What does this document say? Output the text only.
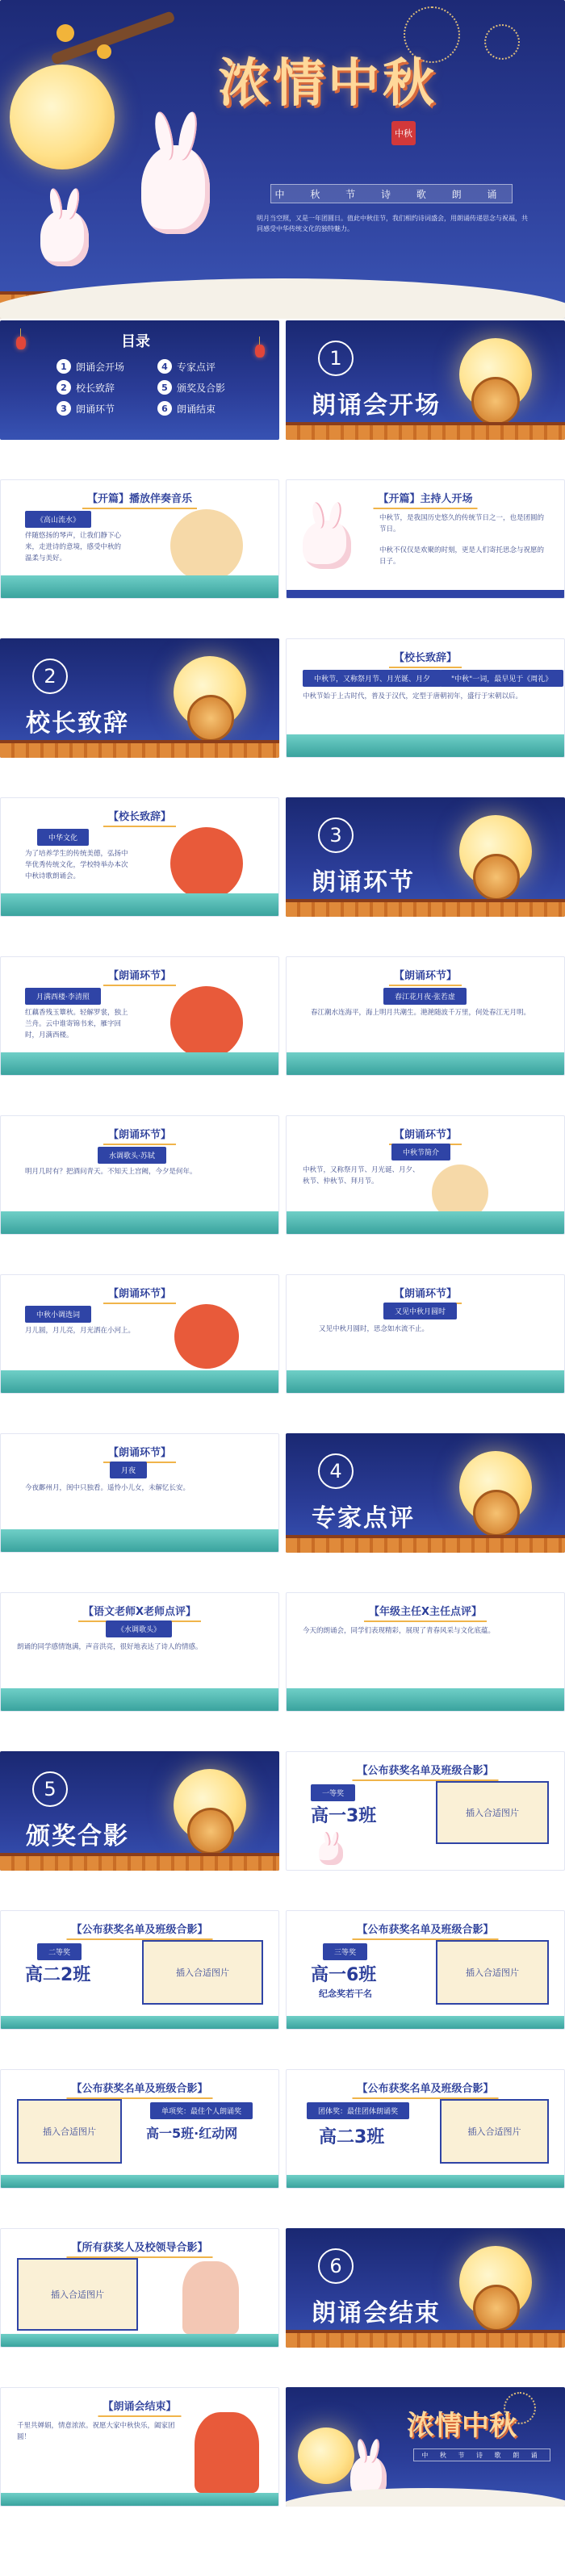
浓情中秋
中秋
中 秋 节 诗 歌 朗 诵
明月当空照，又是一年团圆日。值此中秋佳节，我们相约诗词盛会，用朗诵传递思念与祝福，共同感受中华传统文化的独特魅力。
目录
1 朗诵会开场
2 校长致辞
3 朗诵环节
4 专家点评
5 颁奖及合影
6 朗诵结束
1
朗诵会开场
【开篇】播放伴奏音乐
《高山流水》
伴随悠扬的琴声，让我们静下心来，走进诗的意境，感受中秋的温柔与美好。
【开篇】主持人开场
中秋节，是我国历史悠久的传统节日之一，也是团圆的节日。
中秋不仅仅是欢聚的时刻，更是人们寄托思念与祝愿的日子。
2
校长致辞
【校长致辞】
中秋节，又称祭月节、月光诞、月夕	"中秋"一词，最早见于《周礼》
中秋节始于上古时代，普及于汉代，定型于唐朝初年，盛行于宋朝以后。
【校长致辞】
中华文化
为了培养学生的传统美德，弘扬中华优秀传统文化，学校特举办本次中秋诗歌朗诵会。
3
朗诵环节
【朗诵环节】
月满西楼·李清照
红藕香残玉簟秋。轻解罗裳，独上兰舟。云中谁寄锦书来，雁字回时，月满西楼。
【朗诵环节】
春江花月夜·张若虚
春江潮水连海平，海上明月共潮生。滟滟随波千万里，何处春江无月明。
【朗诵环节】
水调歌头·苏轼
明月几时有？把酒问青天。不知天上宫阙，今夕是何年。
【朗诵环节】
中秋节简介
中秋节，又称祭月节、月光诞、月夕、秋节、仲秋节、拜月节。
【朗诵环节】
中秋小调选词
月儿圆，月儿亮，月光洒在小河上。
【朗诵环节】
又见中秋月圆时
又见中秋月圆时，思念如水流不止。
【朗诵环节】
月夜
今夜鄜州月，闺中只独看。遥怜小儿女，未解忆长安。
4
专家点评
【语文老师X老师点评】
《水调歌头》
朗诵的同学感情饱满，声音洪亮，很好地表达了诗人的情感。
【年级主任X主任点评】
今天的朗诵会，同学们表现精彩，展现了青春风采与文化底蕴。
5
颁奖合影
【公布获奖名单及班级合影】
一等奖
高一3班	插入合适图片
【公布获奖名单及班级合影】
二等奖
高二2班	插入合适图片
【公布获奖名单及班级合影】
三等奖
高一6班
纪念奖若干名
插入合适图片
【公布获奖名单及班级合影】
插入合适图片
单项奖：最佳个人朗诵奖
高一5班·红动网
【公布获奖名单及班级合影】
团体奖：最佳团体朗诵奖
高二3班	插入合适图片
【所有获奖人及校领导合影】
插入合适图片
6
朗诵会结束
【朗诵会结束】
千里共婵娟，情意浓浓。祝愿大家中秋快乐，阖家团圆！	浓情中秋
中 秋 节 诗 歌 朗 诵
